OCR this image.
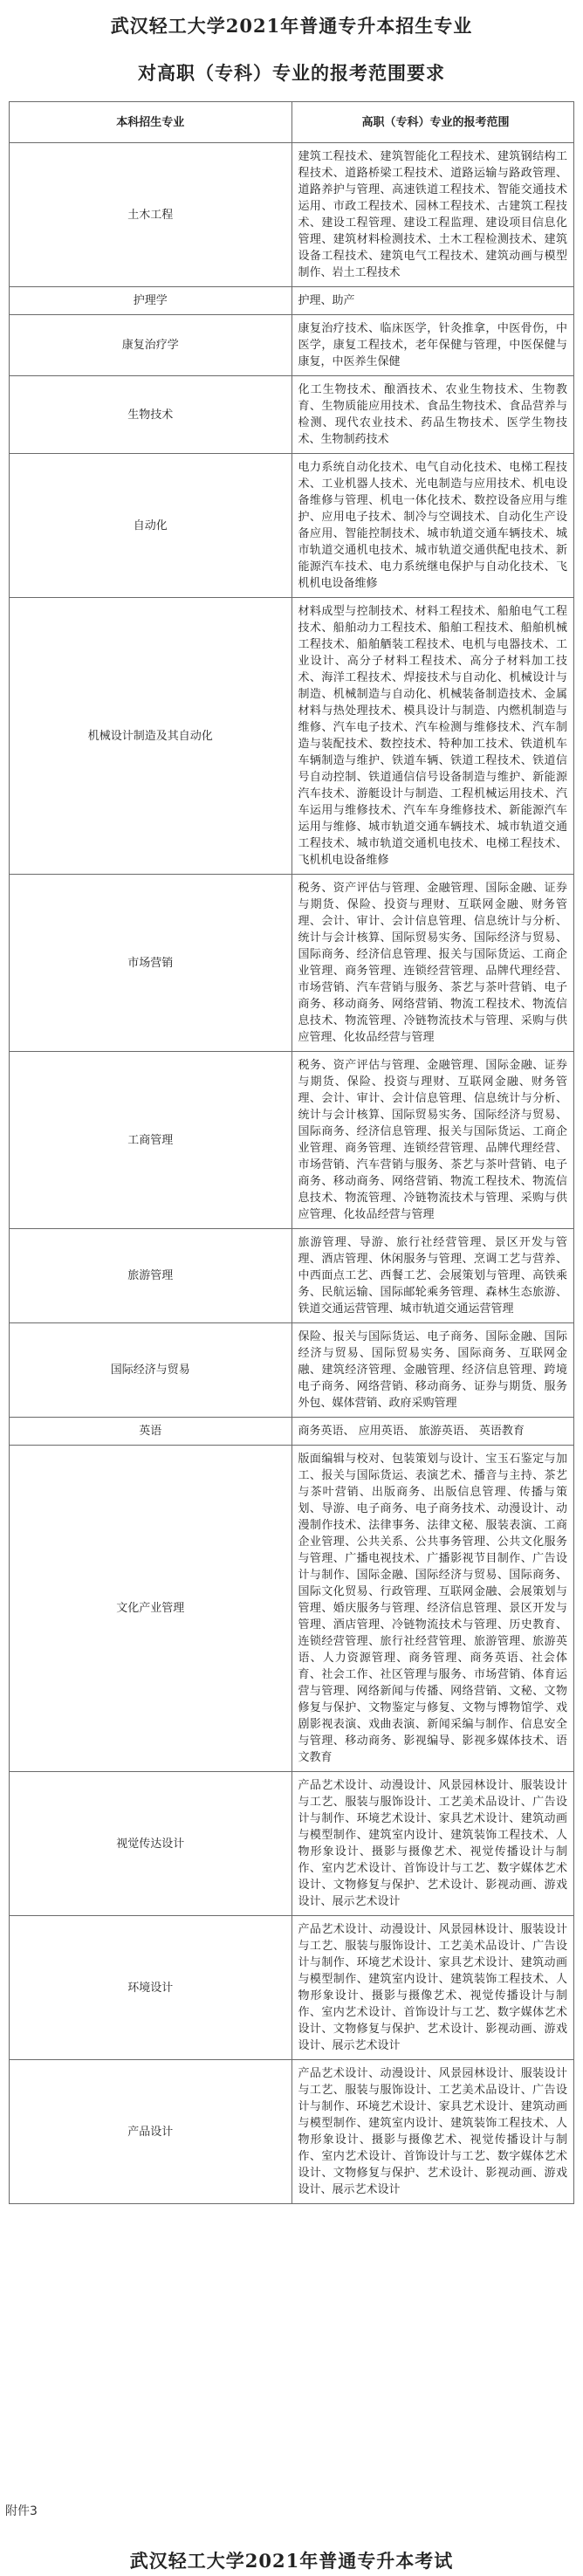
武汉轻工大学2021年普通专升本招生专业
对高职（专科）专业的报考范围要求
本科招生专业	高职（专科）专业的报考范围
土木工程	建筑工程技术、建筑智能化工程技术、建筑钢结构工程技术、道路桥梁工程技术、道路运输与路政管理、道路养护与管理、高速铁道工程技术、智能交通技术运用、市政工程技术、园林工程技术、古建筑工程技术、建设工程管理、建设工程监理、建设项目信息化管理、建筑材料检测技术、土木工程检测技术、建筑设备工程技术、建筑电气工程技术、建筑动画与模型制作、岩土工程技术

护理学	护理、助产

康复治疗学	康复治疗技术、临床医学，针灸推拿，中医骨伤，中医学，康复工程技术，老年保健与管理，中医保健与康复，中医养生保健

生物技术	化工生物技术、酿酒技术、农业生物技术、生物教育、生物质能应用技术、食品生物技术、食品营养与检测、现代农业技术、药品生物技术、医学生物技术、生物制药技术

自动化	电力系统自动化技术、电气自动化技术、电梯工程技术、工业机器人技术、光电制造与应用技术、机电设备维修与管理、机电一体化技术、数控设备应用与维护、应用电子技术、制冷与空调技术、自动化生产设备应用、智能控制技术、城市轨道交通车辆技术、城市轨道交通机电技术、城市轨道交通供配电技术、新能源汽车技术、电力系统继电保护与自动化技术、飞机机电设备维修

机械设计制造及其自动化	材料成型与控制技术、材料工程技术、船舶电气工程技术、船舶动力工程技术、船舶工程技术、船舶机械工程技术、船舶舾装工程技术、电机与电器技术、工业设计、高分子材料工程技术、高分子材料加工技术、海洋工程技术、焊接技术与自动化、机械设计与制造、机械制造与自动化、机械装备制造技术、金属材料与热处理技术、模具设计与制造、内燃机制造与维修、汽车电子技术、汽车检测与维修技术、汽车制造与装配技术、数控技术、特种加工技术、铁道机车车辆制造与维护、铁道车辆、铁道工程技术、铁道信号自动控制、铁道通信信号设备制造与维护、新能源汽车技术、游艇设计与制造、工程机械运用技术、汽车运用与维修技术、汽车车身维修技术、新能源汽车运用与维修、城市轨道交通车辆技术、城市轨道交通工程技术、城市轨道交通机电技术、电梯工程技术、飞机机电设备维修

市场营销	税务、资产评估与管理、金融管理、国际金融、证券与期货、保险、投资与理财、互联网金融、财务管理、会计、审计、会计信息管理、信息统计与分析、统计与会计核算、国际贸易实务、国际经济与贸易、国际商务、经济信息管理、报关与国际货运、工商企业管理、商务管理、连锁经营管理、品牌代理经营、市场营销、汽车营销与服务、茶艺与茶叶营销、电子商务、移动商务、网络营销、物流工程技术、物流信息技术、物流管理、冷链物流技术与管理、采购与供应管理、化妆品经营与管理

工商管理	税务、资产评估与管理、金融管理、国际金融、证券与期货、保险、投资与理财、互联网金融、财务管理、会计、审计、会计信息管理、信息统计与分析、统计与会计核算、国际贸易实务、国际经济与贸易、国际商务、经济信息管理、报关与国际货运、工商企业管理、商务管理、连锁经营管理、品牌代理经营、市场营销、汽车营销与服务、茶艺与茶叶营销、电子商务、移动商务、网络营销、物流工程技术、物流信息技术、物流管理、冷链物流技术与管理、采购与供应管理、化妆品经营与管理

旅游管理	旅游管理、导游、旅行社经营管理、景区开发与管理、酒店管理、休闲服务与管理、烹调工艺与营养、中西面点工艺、西餐工艺、会展策划与管理、高铁乘务、民航运输、国际邮轮乘务管理、森林生态旅游、铁道交通运营管理、城市轨道交通运营管理

国际经济与贸易	保险、报关与国际货运、电子商务、国际金融、国际经济与贸易、国际贸易实务、国际商务、互联网金融、建筑经济管理、金融管理、经济信息管理、跨境电子商务、网络营销、移动商务、证券与期货、服务外包、媒体营销、政府采购管理

英语	商务英语、 应用英语、 旅游英语、 英语教育

文化产业管理	版面编辑与校对、包装策划与设计、宝玉石鉴定与加工、报关与国际货运、表演艺术、播音与主持、茶艺与茶叶营销、出版商务、出版信息管理、传播与策划、导游、电子商务、电子商务技术、动漫设计、动漫制作技术、法律事务、法律文秘、服装表演、工商企业管理、公共关系、公共事务管理、公共文化服务与管理、广播电视技术、广播影视节目制作、广告设计与制作、国际金融、国际经济与贸易、国际商务、国际文化贸易、行政管理、互联网金融、会展策划与管理、婚庆服务与管理、经济信息管理、景区开发与管理、酒店管理、冷链物流技术与管理、历史教育、连锁经营管理、旅行社经营管理、旅游管理、旅游英语、人力资源管理、商务管理、商务英语、社会体育、社会工作、社区管理与服务、市场营销、体育运营与管理、网络新闻与传播、网络营销、文秘、文物修复与保护、文物鉴定与修复、文物与博物馆学、戏剧影视表演、戏曲表演、新闻采编与制作、信息安全与管理、移动商务、影视编导、影视多媒体技术、语文教育

视觉传达设计	产品艺术设计、动漫设计、风景园林设计、服装设计与工艺、服装与服饰设计、工艺美术品设计、广告设计与制作、环境艺术设计、家具艺术设计、建筑动画与模型制作、建筑室内设计、建筑装饰工程技术、人物形象设计、摄影与摄像艺术、视觉传播设计与制作、室内艺术设计、首饰设计与工艺、数字媒体艺术设计、文物修复与保护、艺术设计、影视动画、游戏设计、展示艺术设计

环境设计	产品艺术设计、动漫设计、风景园林设计、服装设计与工艺、服装与服饰设计、工艺美术品设计、广告设计与制作、环境艺术设计、家具艺术设计、建筑动画与模型制作、建筑室内设计、建筑装饰工程技术、人物形象设计、摄影与摄像艺术、视觉传播设计与制作、室内艺术设计、首饰设计与工艺、数字媒体艺术设计、文物修复与保护、艺术设计、影视动画、游戏设计、展示艺术设计

产品设计	产品艺术设计、动漫设计、风景园林设计、服装设计与工艺、服装与服饰设计、工艺美术品设计、广告设计与制作、环境艺术设计、家具艺术设计、建筑动画与模型制作、建筑室内设计、建筑装饰工程技术、人物形象设计、摄影与摄像艺术、视觉传播设计与制作、室内艺术设计、首饰设计与工艺、数字媒体艺术设计、文物修复与保护、艺术设计、影视动画、游戏设计、展示艺术设计
附件3
武汉轻工大学2021年普通专升本考试
